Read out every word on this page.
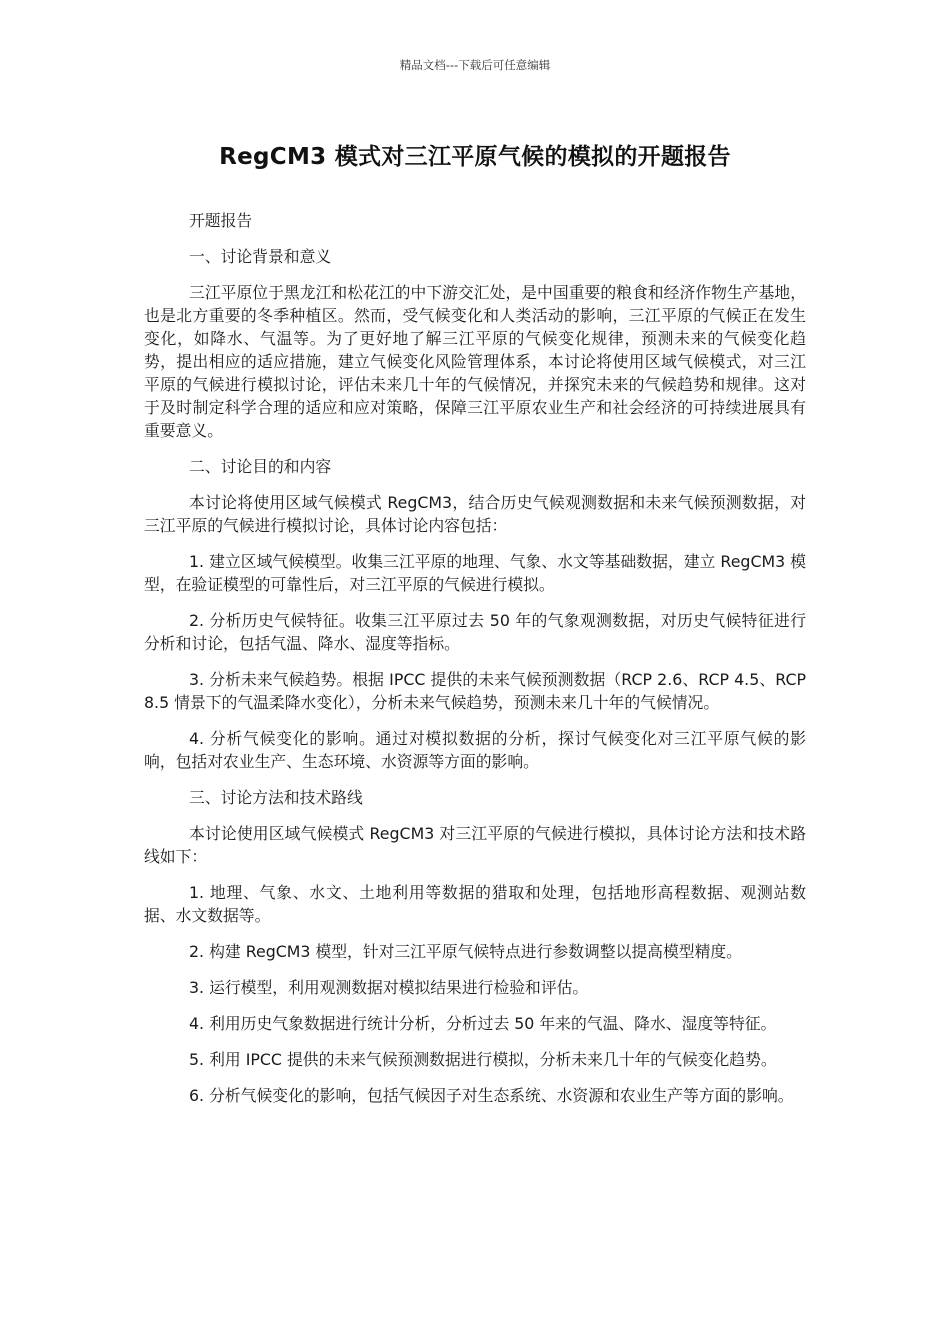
精品文档---下载后可任意编辑
RegCM3 模式对三江平原气候的模拟的开题报告

开题报告

一、讨论背景和意义

三江平原位于黑龙江和松花江的中下游交汇处，是中国重要的粮食和经济作物生产基地，也是北方重要的冬季种植区。然而，受气候变化和人类活动的影响，三江平原的气候正在发生变化，如降水、气温等。为了更好地了解三江平原的气候变化规律，预测未来的气候变化趋势，提出相应的适应措施，建立气候变化风险管理体系，本讨论将使用区域气候模式，对三江平原的气候进行模拟讨论，评估未来几十年的气候情况，并探究未来的气候趋势和规律。这对于及时制定科学合理的适应和应对策略，保障三江平原农业生产和社会经济的可持续进展具有重要意义。

二、讨论目的和内容

本讨论将使用区域气候模式 RegCM3，结合历史气候观测数据和未来气候预测数据，对三江平原的气候进行模拟讨论，具体讨论内容包括：

1. 建立区域气候模型。收集三江平原的地理、气象、水文等基础数据，建立 RegCM3 模型，在验证模型的可靠性后，对三江平原的气候进行模拟。

2. 分析历史气候特征。收集三江平原过去 50 年的气象观测数据，对历史气候特征进行分析和讨论，包括气温、降水、湿度等指标。

3. 分析未来气候趋势。根据 IPCC 提供的未来气候预测数据（RCP 2.6、RCP 4.5、RCP 8.5 情景下的气温柔降水变化），分析未来气候趋势，预测未来几十年的气候情况。

4. 分析气候变化的影响。通过对模拟数据的分析，探讨气候变化对三江平原气候的影响，包括对农业生产、生态环境、水资源等方面的影响。

三、讨论方法和技术路线

本讨论使用区域气候模式 RegCM3 对三江平原的气候进行模拟，具体讨论方法和技术路线如下：

1. 地理、气象、水文、土地利用等数据的猎取和处理，包括地形高程数据、观测站数据、水文数据等。

2. 构建 RegCM3 模型，针对三江平原气候特点进行参数调整以提高模型精度。

3. 运行模型，利用观测数据对模拟结果进行检验和评估。

4. 利用历史气象数据进行统计分析，分析过去 50 年来的气温、降水、湿度等特征。

5. 利用 IPCC 提供的未来气候预测数据进行模拟，分析未来几十年的气候变化趋势。

6. 分析气候变化的影响，包括气候因子对生态系统、水资源和农业生产等方面的影响。
